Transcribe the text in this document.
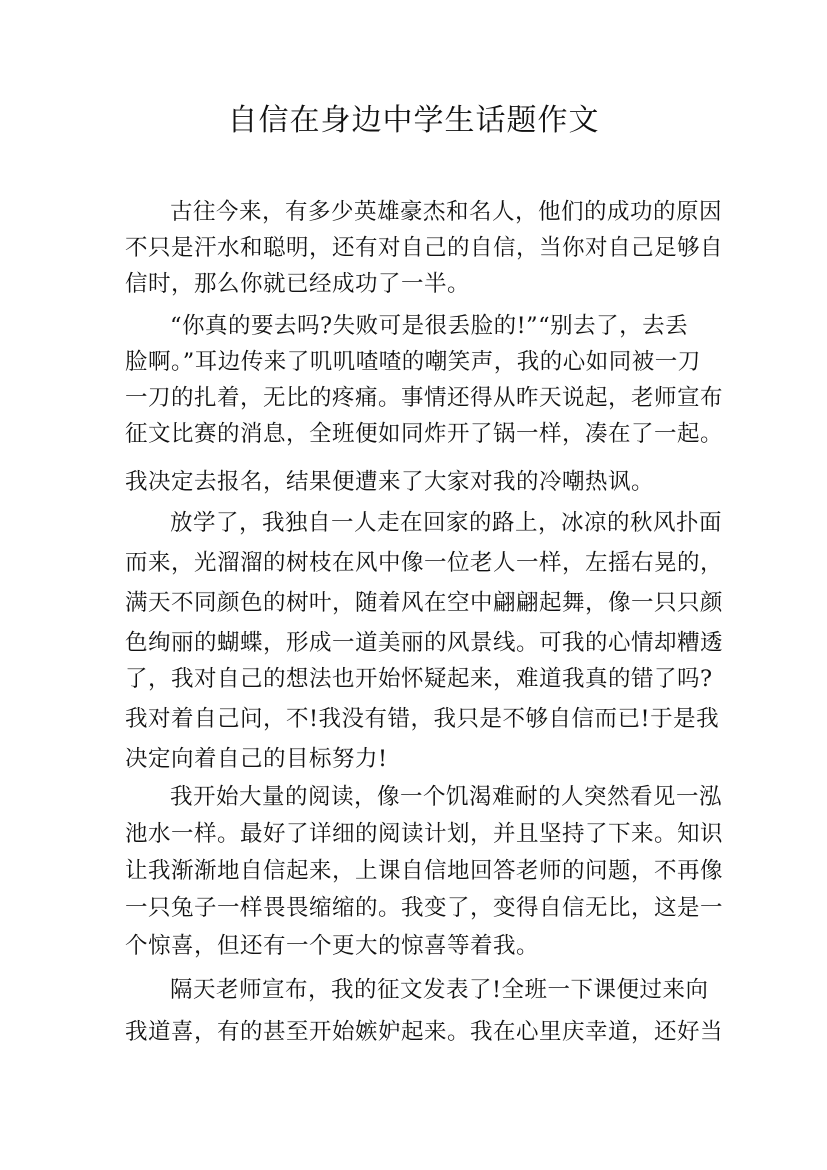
自信在身边中学生话题作文

古往今来，有多少英雄豪杰和名人，他们的成功的原因

不只是汗水和聪明，还有对自己的自信，当你对自己足够自

信时，那么你就已经成功了一半。

“你真的要去吗?失败可是很丢脸的!”“别去了，去丢

脸啊。”耳边传来了叽叽喳喳的嘲笑声，我的心如同被一刀

一刀的扎着，无比的疼痛。事情还得从昨天说起，老师宣布

征文比赛的消息，全班便如同炸开了锅一样，凑在了一起。

我决定去报名，结果便遭来了大家对我的冷嘲热讽。

放学了，我独自一人走在回家的路上，冰凉的秋风扑面

而来，光溜溜的树枝在风中像一位老人一样，左摇右晃的，

满天不同颜色的树叶，随着风在空中翩翩起舞，像一只只颜

色绚丽的蝴蝶，形成一道美丽的风景线。可我的心情却糟透

了，我对自己的想法也开始怀疑起来，难道我真的错了吗?

我对着自己问，不!我没有错，我只是不够自信而已!于是我

决定向着自己的目标努力!

我开始大量的阅读，像一个饥渴难耐的人突然看见一泓

池水一样。最好了详细的阅读计划，并且坚持了下来。知识

让我渐渐地自信起来，上课自信地回答老师的问题，不再像

一只兔子一样畏畏缩缩的。我变了，变得自信无比，这是一

个惊喜，但还有一个更大的惊喜等着我。

隔天老师宣布，我的征文发表了!全班一下课便过来向

我道喜，有的甚至开始嫉妒起来。我在心里庆幸道，还好当
